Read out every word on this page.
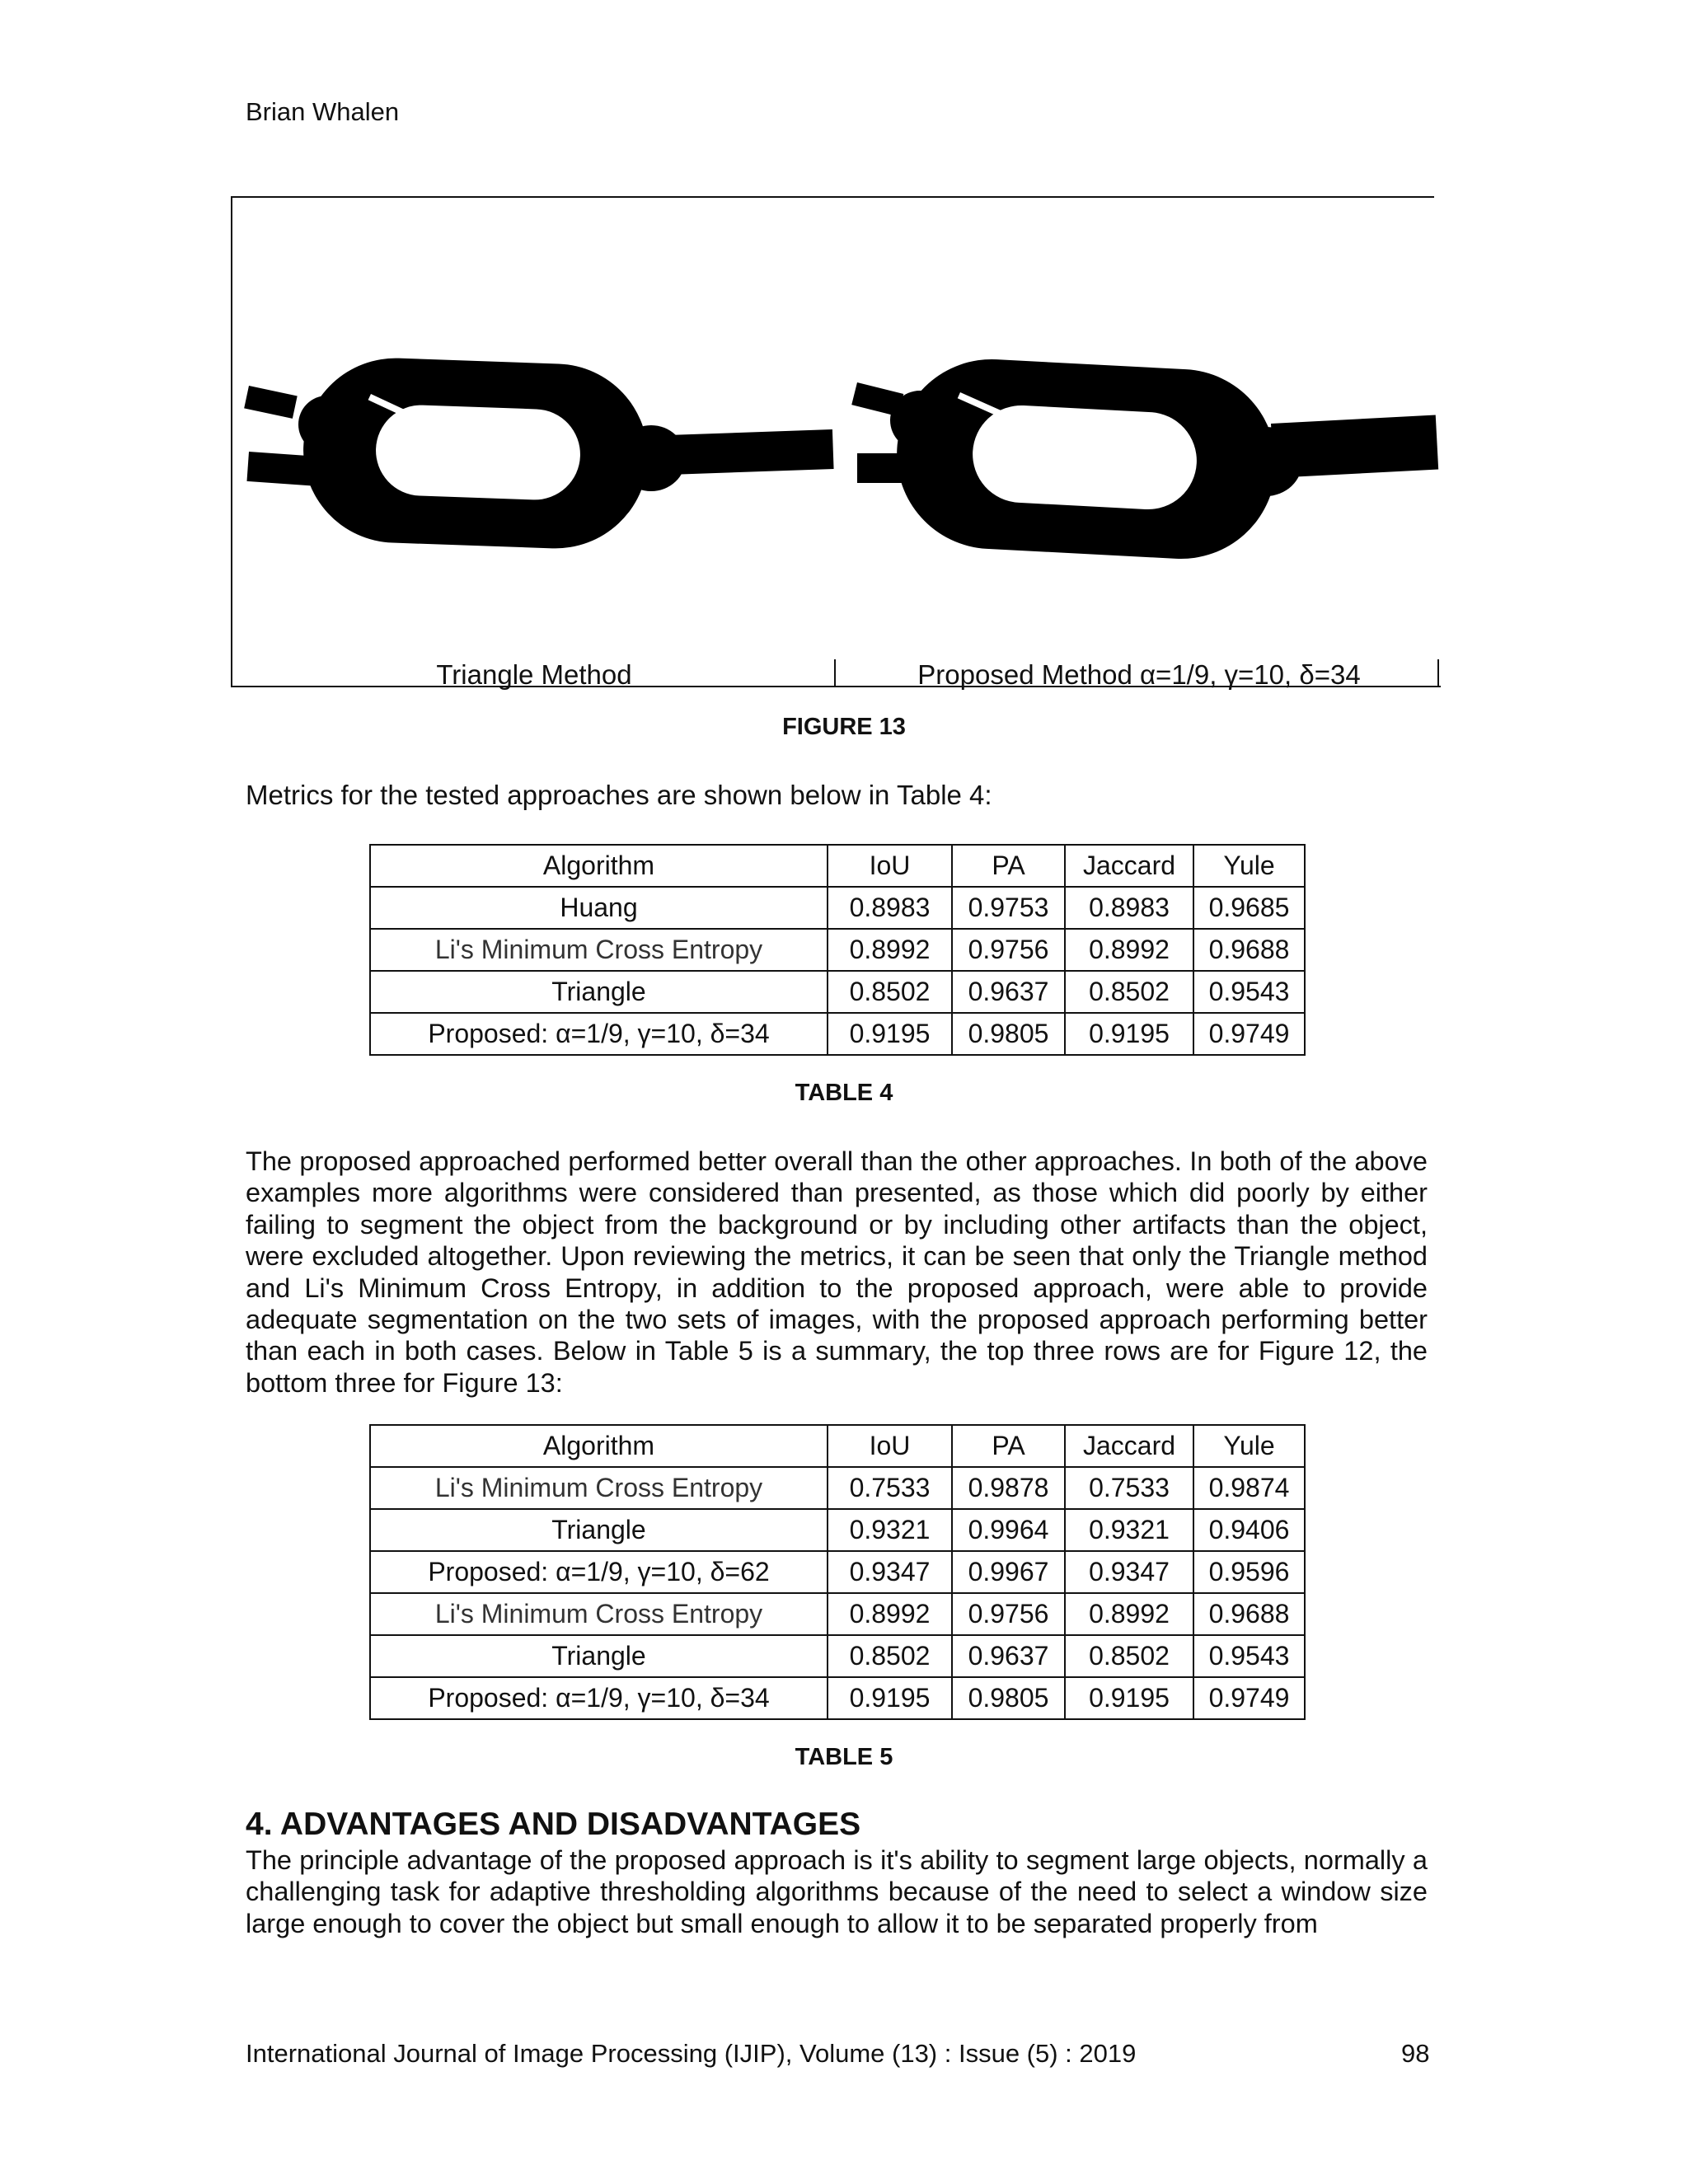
Brian Whalen
Triangle Method	Proposed Method α=1/9, γ=10, δ=34
FIGURE 13
Metrics for the tested approaches are shown below in Table 4:
Algorithm	IoU	PA	Jaccard	Yule
Huang	0.8983	0.9753	0.8983	0.9685
Li's Minimum Cross Entropy	0.8992	0.9756	0.8992	0.9688
Triangle	0.8502	0.9637	0.8502	0.9543
Proposed: α=1/9, γ=10, δ=34	0.9195	0.9805	0.9195	0.9749
TABLE 4
The proposed approached performed better overall than the other approaches. In both of the above examples more algorithms were considered than presented, as those which did poorly by either failing to segment the object from the background or by including other artifacts than the object, were excluded altogether. Upon reviewing the metrics, it can be seen that only the Triangle method and Li's Minimum Cross Entropy, in addition to the proposed approach, were able to provide adequate segmentation on the two sets of images, with the proposed approach performing better than each in both cases. Below in Table 5 is a summary, the top three rows are for Figure 12, the bottom three for Figure 13:
Algorithm	IoU	PA	Jaccard	Yule
Li's Minimum Cross Entropy	0.7533	0.9878	0.7533	0.9874
Triangle	0.9321	0.9964	0.9321	0.9406
Proposed: α=1/9, γ=10, δ=62	0.9347	0.9967	0.9347	0.9596
Li's Minimum Cross Entropy	0.8992	0.9756	0.8992	0.9688
Triangle	0.8502	0.9637	0.8502	0.9543
Proposed: α=1/9, γ=10, δ=34	0.9195	0.9805	0.9195	0.9749
TABLE 5
4. ADVANTAGES AND DISADVANTAGES
The principle advantage of the proposed approach is it's ability to segment large objects, normally a challenging task for adaptive thresholding algorithms because of the need to select a window size large enough to cover the object but small enough to allow it to be separated properly from
International Journal of Image Processing (IJIP), Volume (13) : Issue (5) : 2019	98
